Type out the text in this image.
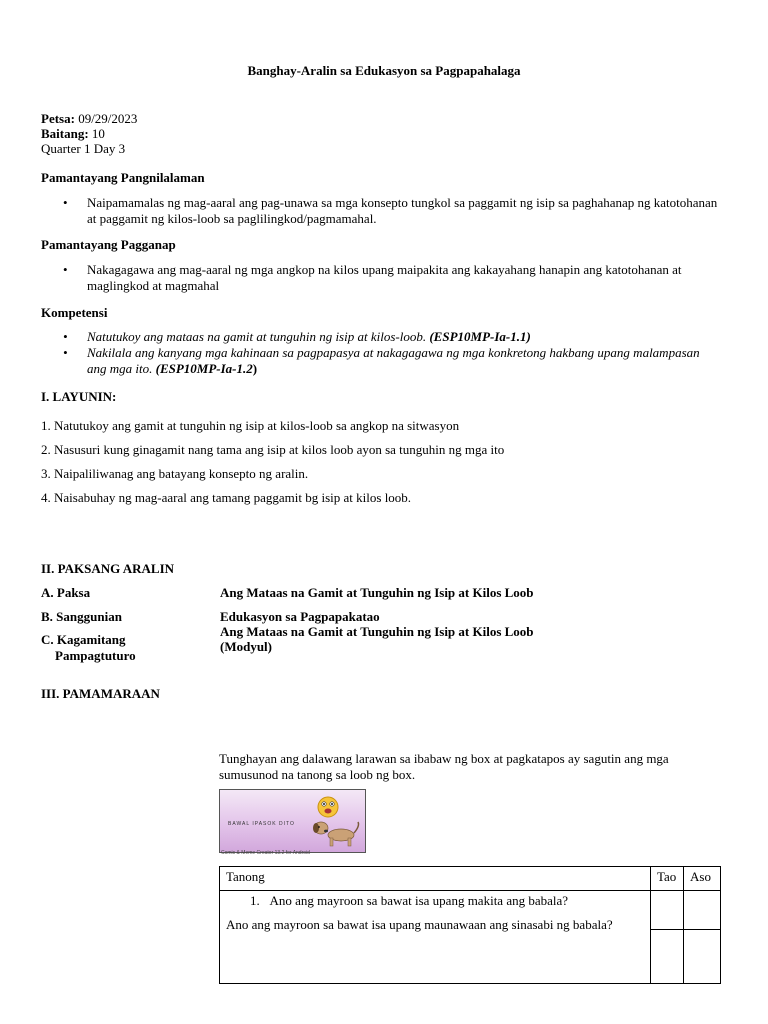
Banghay-Aralin sa Edukasyon sa Pagpapahalaga
Petsa: 09/29/2023
Baitang: 10
Quarter 1 Day 3
Pamantayang Pangnilalaman
• Naipamamalas ng mag-aaral ang pag-unawa sa mga konsepto tungkol sa paggamit ng isip sa paghahanap ng katotohanan at paggamit ng kilos-loob sa paglilingkod/pagmamahal.
Pamantayang Pagganap
• Nakagagawa ang mag-aaral ng mga angkop na kilos upang maipakita ang kakayahang hanapin ang katotohanan at maglingkod at magmahal
Kompetensi
• Natutukoy ang mataas na gamit at tunguhin ng isip at kilos-loob. (ESP10MP-Ia-1.1)
• Nakilala ang kanyang mga kahinaan sa pagpapasya at nakagagawa ng mga konkretong hakbang upang malampasan ang mga ito. (ESP10MP-Ia-1.2)
I. LAYUNIN:
1. Natutukoy ang gamit at tunguhin ng isip at kilos-loob sa angkop na sitwasyon
2. Nasusuri kung ginagamit nang tama ang isip at kilos loob ayon sa tunguhin ng mga ito
3. Naipaliliwanag ang batayang konsepto ng aralin.
4. Naisabuhay ng mag-aaral ang tamang paggamit bg isip at kilos loob.
II. PAKSANG ARALIN
A. Paksa	Ang Mataas na Gamit at Tunguhin ng Isip at Kilos Loob
B. Sanggunian	Edukasyon sa Pagpapakatao
Ang Mataas na Gamit at Tunguhin ng Isip at Kilos Loob
(Modyul)
C. Kagamitang
Pampagtuturo
III. PAMAMARAAN
Tunghayan ang dalawang larawan sa ibabaw ng box at pagkatapos ay sagutin ang mga sumusunod na tanong sa loob ng box.
BAWAL IPASOK DITO
Comic & Meme Creator 13.2 for Android
Tanong	Tao	Aso

1. Ano ang mayroon sa bawat isa upang makita ang babala?
Ano ang mayroon sa bawat isa upang maunawaan ang sinasabi ng babala?		
